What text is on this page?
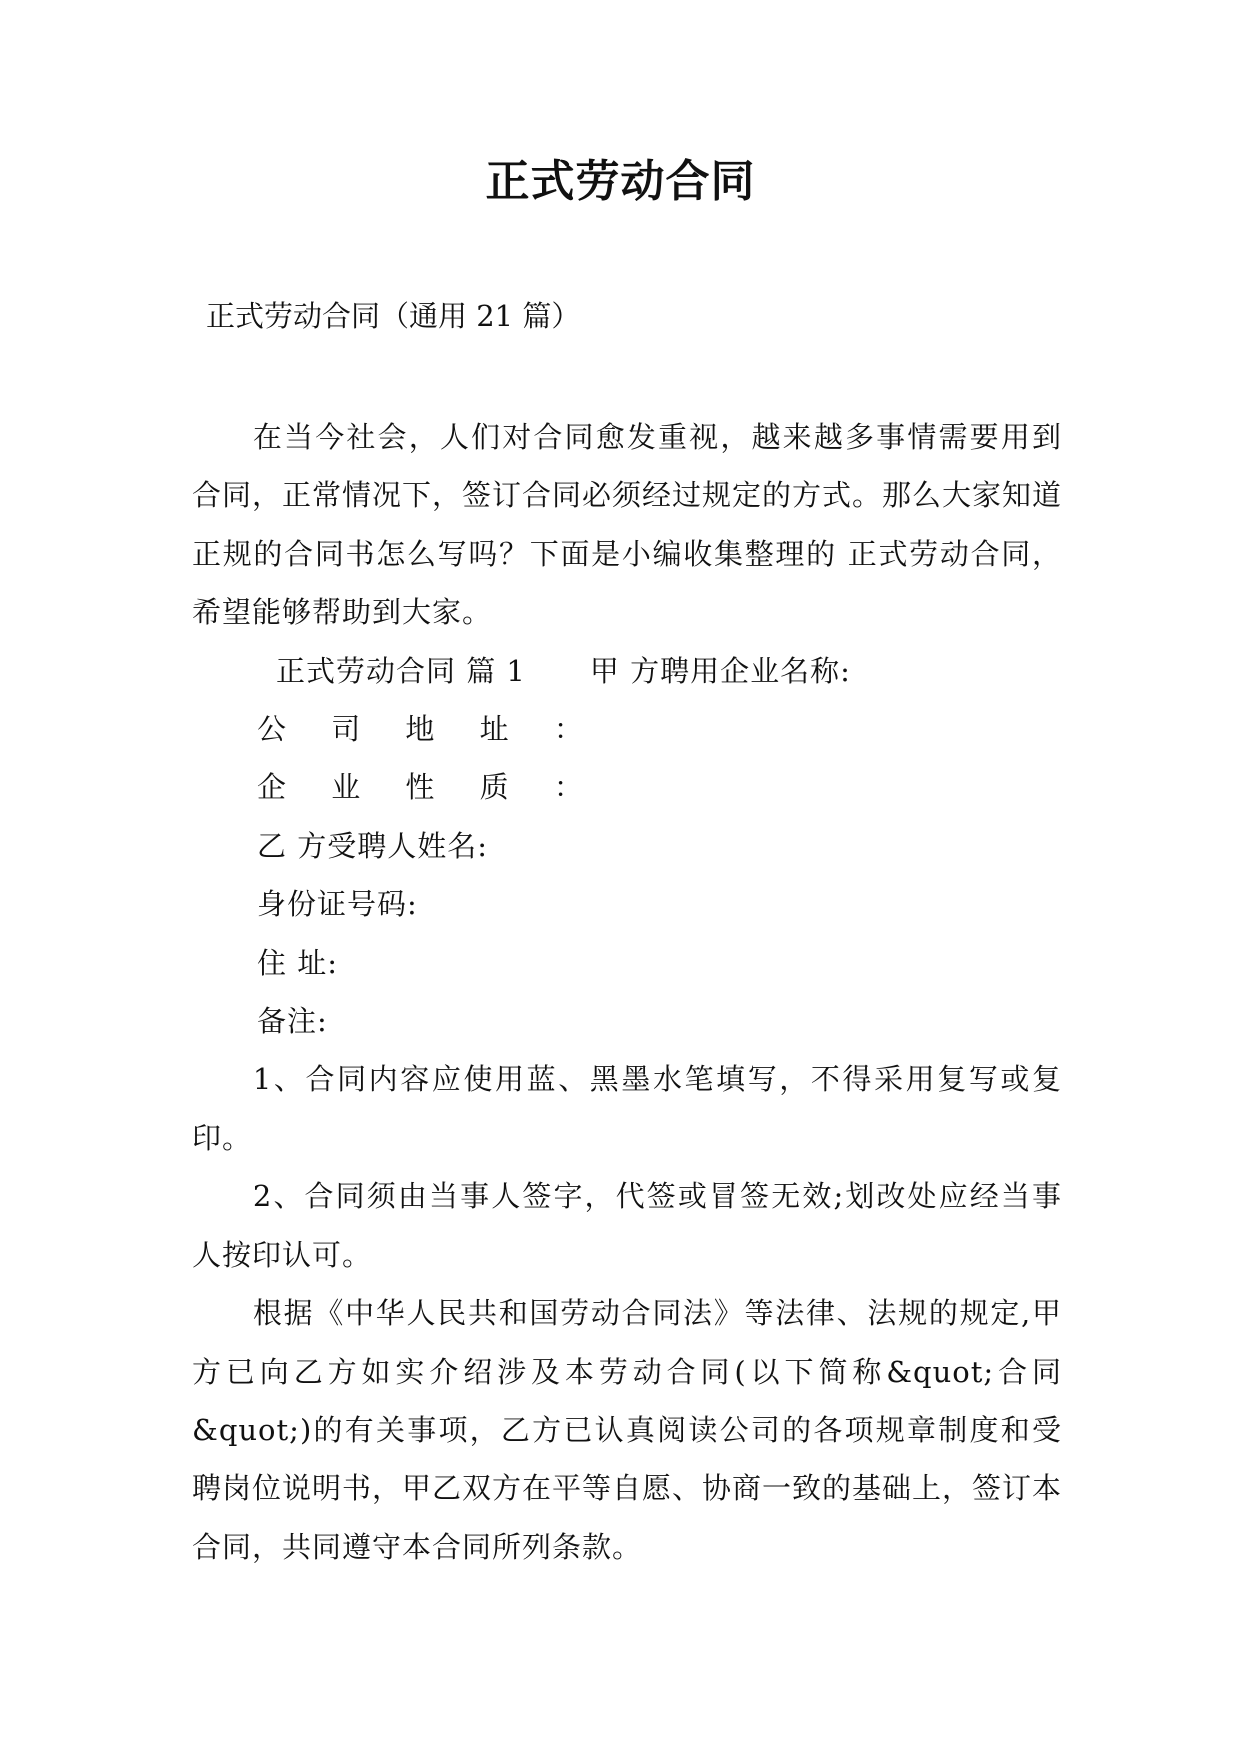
正式劳动合同
正式劳动合同（通用 21 篇）

在当今社会，人们对合同愈发重视，越来越多事情需要用到合同，正常情况下，签订合同必须经过规定的方式。那么大家知道正规的合同书怎么写吗？下面是小编收集整理的 正式劳动合同，希望能够帮助到大家。

正式劳动合同 篇 1 甲 方聘用企业名称:

公 司 地 址 ：

企 业 性 质 ：

乙 方受聘人姓名:

身份证号码:

住 址:

备注:

1、合同内容应使用蓝、黑墨水笔填写，不得采用复写或复印。

2、合同须由当事人签字，代签或冒签无效;划改处应经当事人按印认可。

根据《中华人民共和国劳动合同法》等法律、法规的规定,甲方已向乙方如实介绍涉及本劳动合同(以下简称&quot;合同&quot;)的有关事项，乙方已认真阅读公司的各项规章制度和受聘岗位说明书，甲乙双方在平等自愿、协商一致的基础上，签订本合同，共同遵守本合同所列条款。
